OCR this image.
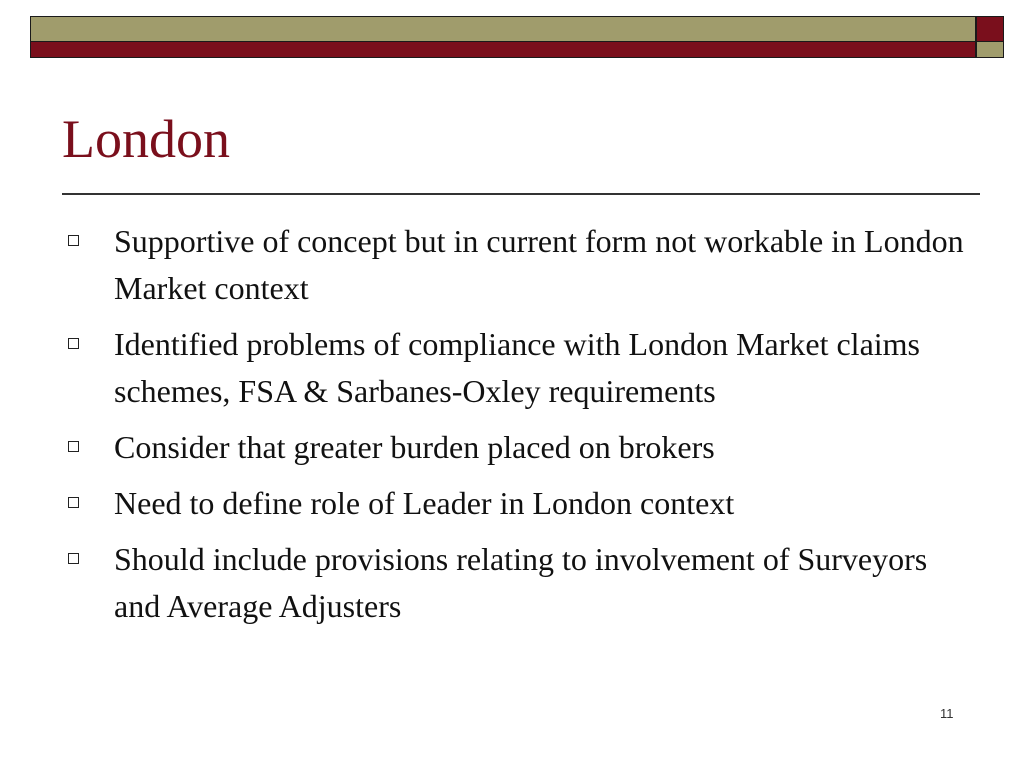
London
Supportive of concept but in current form not workable in London Market context
Identified problems of compliance with London Market claims schemes, FSA & Sarbanes-Oxley requirements
Consider that greater burden placed on brokers
Need to define role of Leader in London context
Should include provisions relating to involvement of Surveyors and Average Adjusters
11
